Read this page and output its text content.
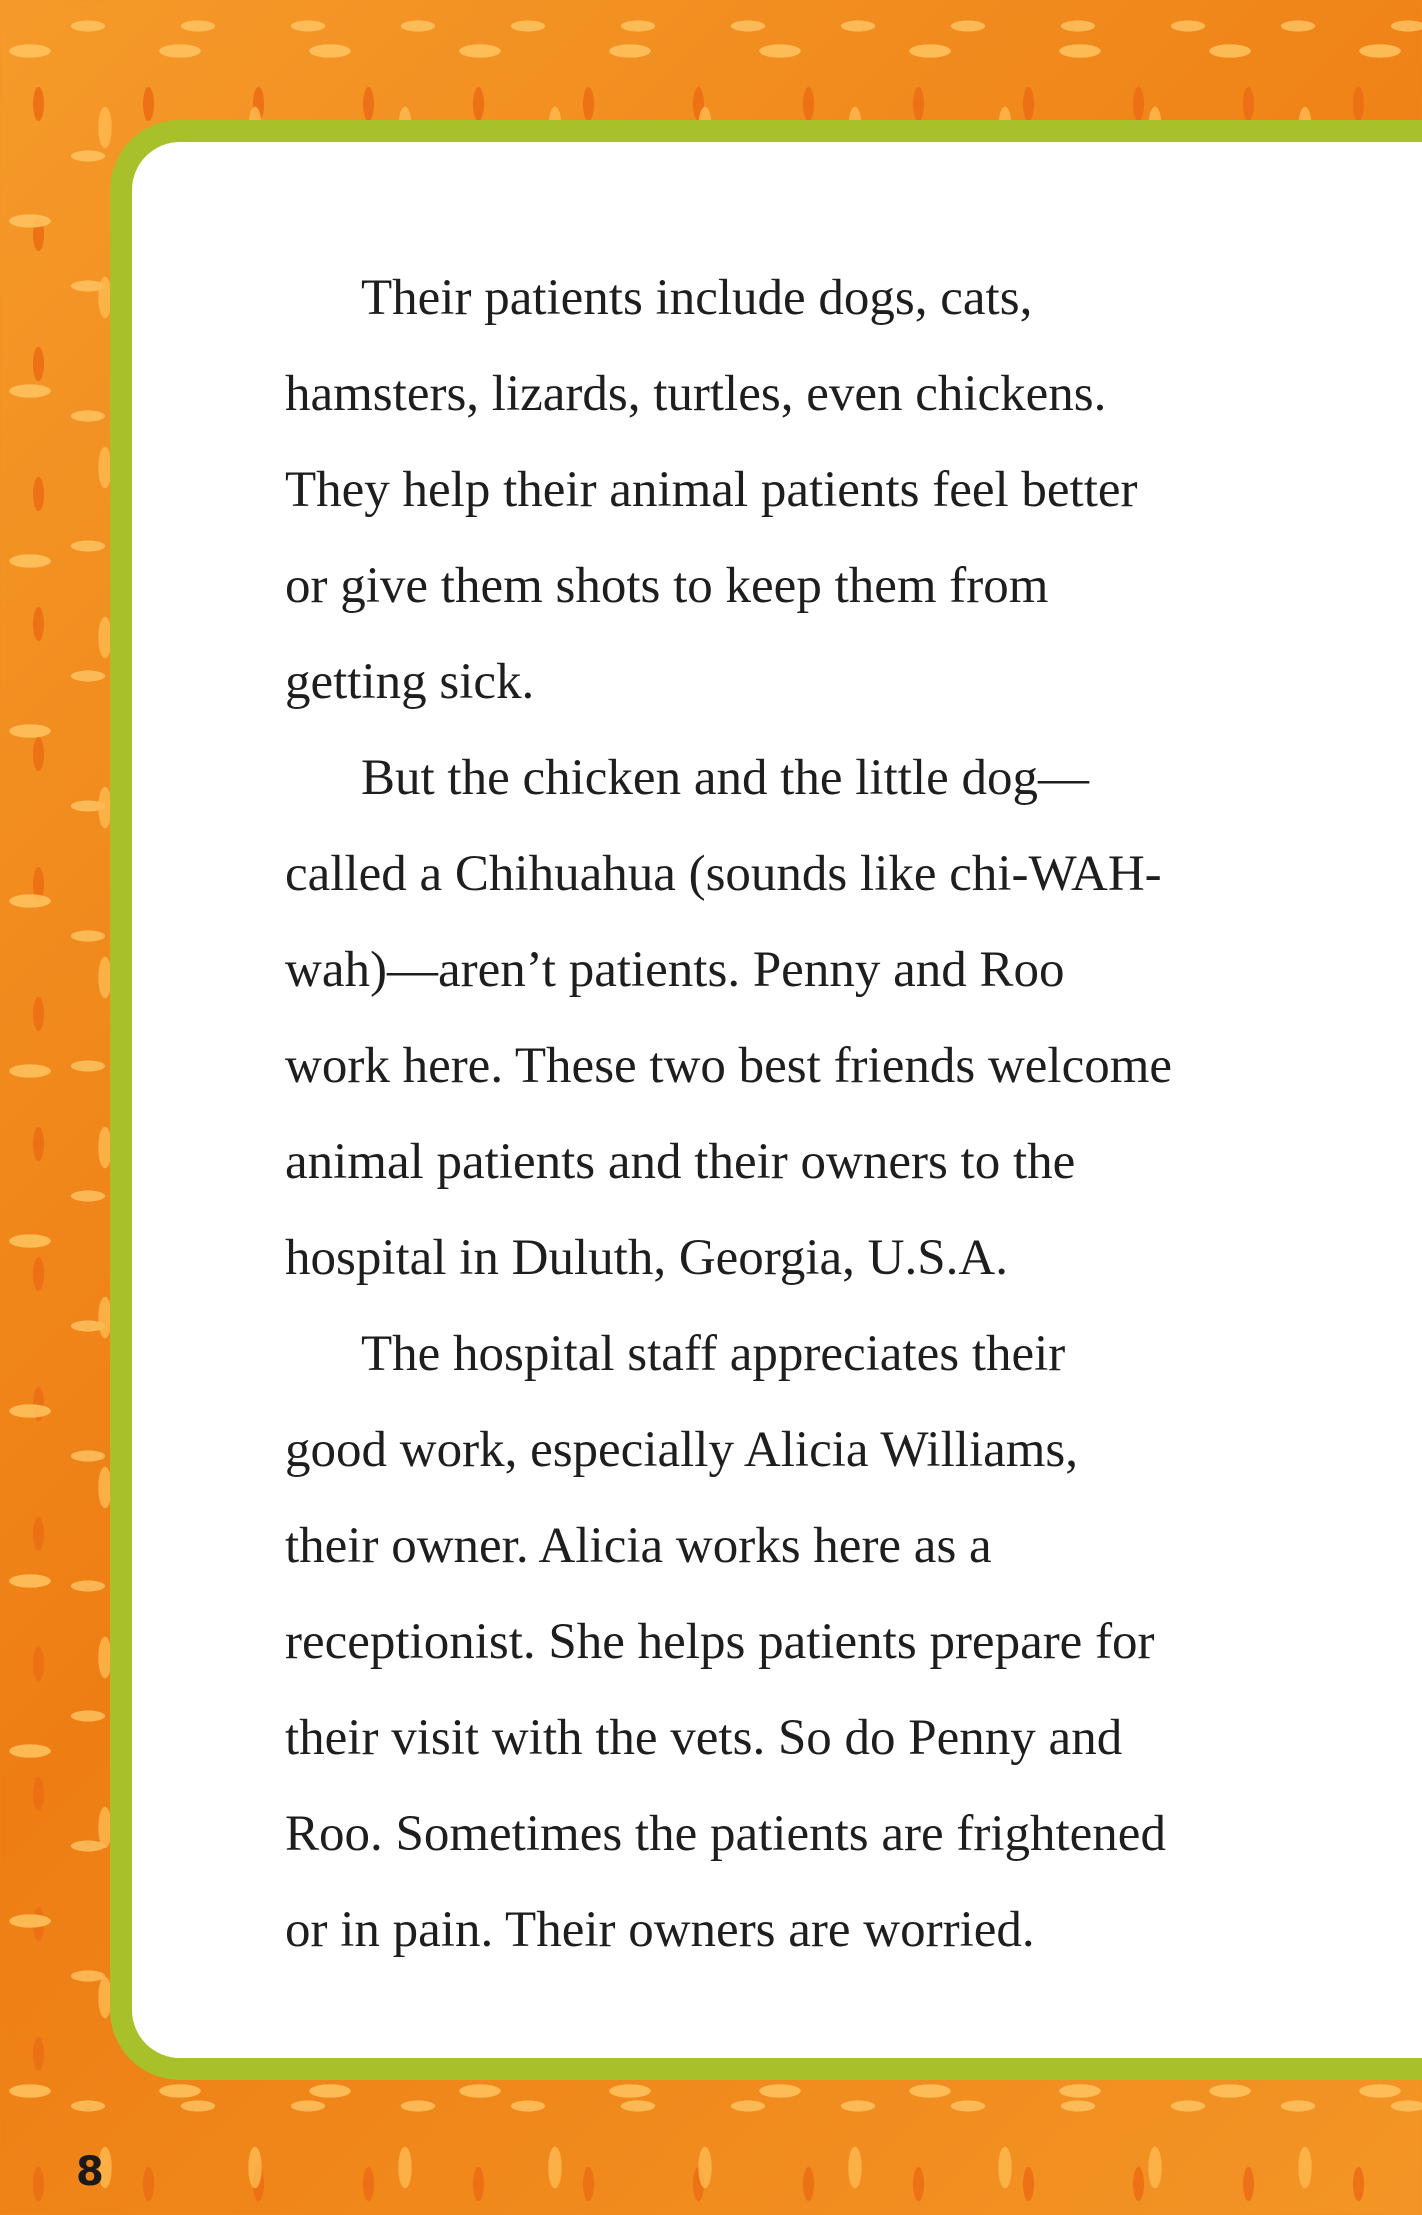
Their patients include dogs, cats,
hamsters, lizards, turtles, even chickens.
They help their animal patients feel better
or give them shots to keep them from
getting sick.

But the chicken and the little dog—
called a Chihuahua (sounds like chi-WAH-
wah)—aren’t patients. Penny and Roo
work here. These two best friends welcome
animal patients and their owners to the
hospital in Duluth, Georgia, U.S.A.

The hospital staff appreciates their
good work, especially Alicia Williams,
their owner. Alicia works here as a
receptionist. She helps patients prepare for
their visit with the vets. So do Penny and
Roo. Sometimes the patients are frightened
or in pain. Their owners are worried.

8
